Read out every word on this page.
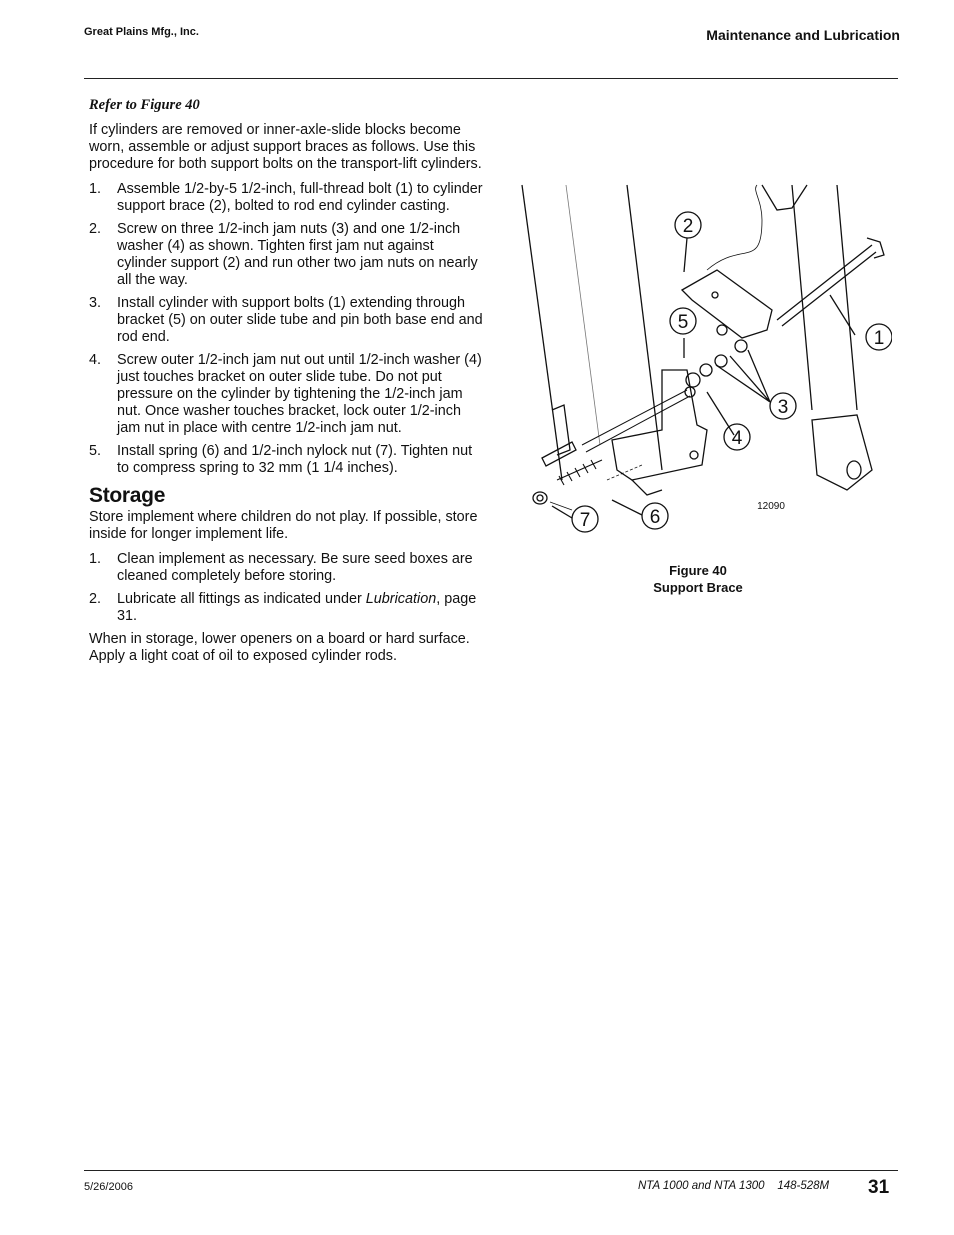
Great Plains Mfg., Inc.	Maintenance and Lubrication
Refer to Figure 40

If cylinders are removed or inner-axle-slide blocks become worn, assemble or adjust support braces as follows. Use this procedure for both support bolts on the transport-lift cylinders.

1. Assemble 1/2-by-5 1/2-inch, full-thread bolt (1) to cylinder support brace (2), bolted to rod end cylinder casting.
2. Screw on three 1/2-inch jam nuts (3) and one 1/2-inch washer (4) as shown. Tighten first jam nut against cylinder support (2) and run other two jam nuts on nearly all the way.
3. Install cylinder with support bolts (1) extending through bracket (5) on outer slide tube and pin both base end and rod end.
4. Screw outer 1/2-inch jam nut out until 1/2-inch washer (4) just touches bracket on outer slide tube. Do not put pressure on the cylinder by tightening the 1/2-inch jam nut. Once washer touches bracket, lock outer 1/2-inch jam nut in place with centre 1/2-inch jam nut.
5. Install spring (6) and 1/2-inch nylock nut (7). Tighten nut to compress spring to 32 mm (1 1/4 inches).
Storage

Store implement where children do not play. If possible, store inside for longer implement life.

1. Clean implement as necessary. Be sure seed boxes are cleaned completely before storing.
2. Lubricate all fittings as indicated under Lubrication, page 31.

When in storage, lower openers on a board or hard surface. Apply a light coat of oil to exposed cylinder rods.

2
1
3
4
5
6
7
12090
Figure 40
Support Brace
5/26/2006	NTA 1000 and NTA 1300    148-528M 31
